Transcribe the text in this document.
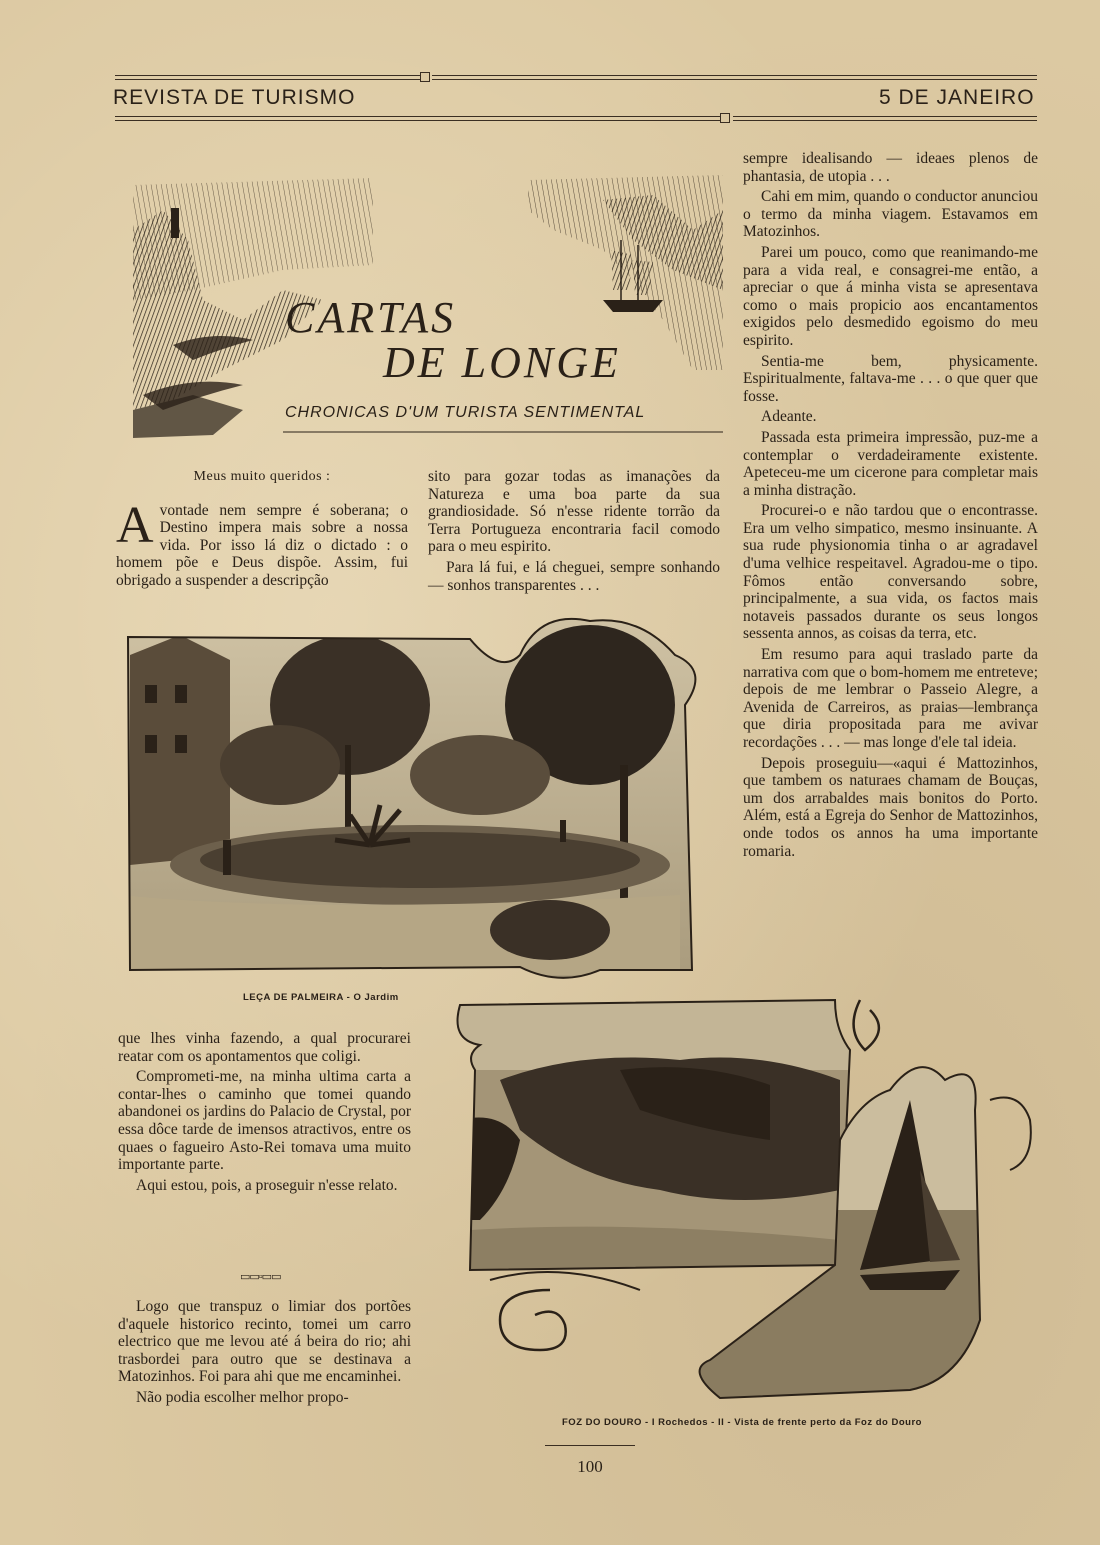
REVISTA DE TURISMO	5 DE JANEIRO
CARTAS
DE LONGE
CHRONICAS D'UM TURISTA SENTIMENTAL
Meus muito queridos :

Avontade nem sempre é soberana; o Destino impera mais sobre a nossa vida. Por isso lá diz o dictado : o homem põe e Deus dispõe. Assim, fui obrigado a suspender a descripção

sito para gozar todas as imanações da Natureza e uma boa parte da sua grandiosidade. Só n'esse ridente torrão da Terra Portugueza encontraria facil comodo para o meu espirito.

Para lá fui, e lá cheguei, sempre sonhando — sonhos transparentes . . .

sempre idealisando — ideaes plenos de phantasia, de utopia . . .

Cahi em mim, quando o conductor anunciou o termo da minha viagem. Estavamos em Matozinhos.

Parei um pouco, como que reanimando-me para a vida real, e consagrei-me então, a apreciar o que á minha vista se apresentava como o mais propicio aos encantamentos exigidos pelo desmedido egoismo do meu espirito.

Sentia-me bem, physicamente. Espiritualmente, faltava-me . . . o que quer que fosse.

Adeante.

Passada esta primeira impressão, puz-me a contemplar o verdadeiramente existente. Apeteceu-me um cicerone para completar mais a minha distração.

Procurei-o e não tardou que o encontrasse. Era um velho simpatico, mesmo insinuante. A sua rude physionomia tinha o ar agradavel d'uma velhice respeitavel. Agradou-me o tipo. Fômos então conversando sobre, principalmente, a sua vida, os factos mais notaveis passados durante os seus longos sessenta annos, as coisas da terra, etc.

Em resumo para aqui traslado parte da narrativa com que o bom-homem me entreteve; depois de me lembrar o Passeio Alegre, a Avenida de Carreiros, as praias—lembrança que diria propositada para me avivar recordações . . . — mas longe d'ele tal ideia.

Depois proseguiu—«aqui é Mattozinhos, que tambem os naturaes chamam de Bouças, um dos arrabaldes mais bonitos do Porto. Além, está a Egreja do Senhor de Mattozinhos, onde todos os annos ha uma importante romaria.

LEÇA DE PALMEIRA - O Jardim

que lhes vinha fazendo, a qual procurarei reatar com os apontamentos que coligi.

Comprometi-me, na minha ultima carta a contar-lhes o caminho que tomei quando abandonei os jardins do Palacio de Crystal, por essa dôce tarde de imensos atractivos, entre os quaes o fagueiro Asto-Rei tomava uma muito importante parte.

Aqui estou, pois, a proseguir n'esse relato.

▭▭▫▭▭

Logo que transpuz o limiar dos portões d'aquele historico recinto, tomei um carro electrico que me levou até á beira do rio; ahi trasbordei para outro que se destinava a Matozinhos. Foi para ahi que me encaminhei.

Não podia escolher melhor propo-

FOZ DO DOURO - I Rochedos - II - Vista de frente perto da Foz do Douro
100
